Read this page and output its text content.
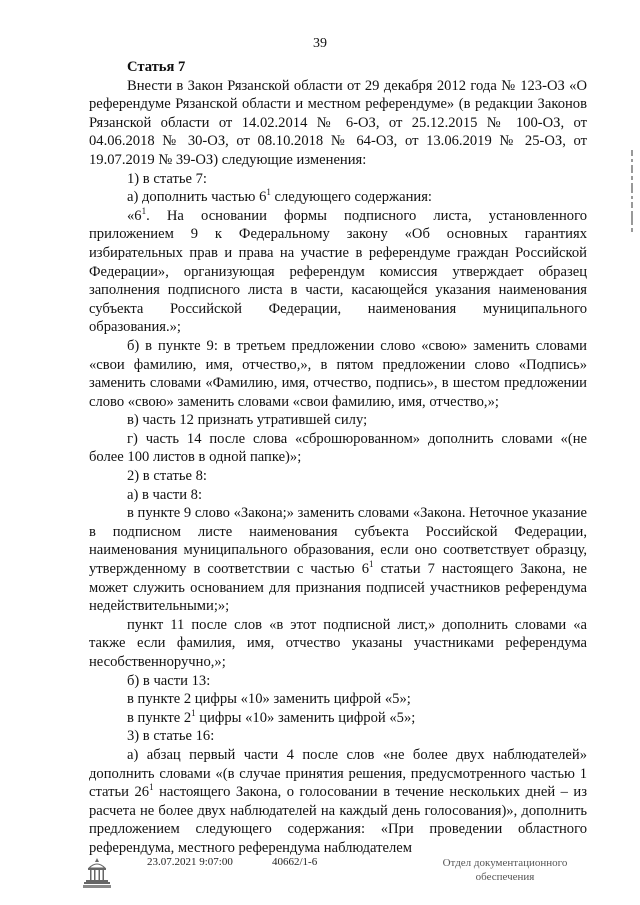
39

Статья 7

Внести в Закон Рязанской области от 29 декабря 2012 года № 123-ОЗ «О референдуме Рязанской области и местном референдуме» (в редакции Законов Рязанской области от 14.02.2014 № 6-ОЗ, от 25.12.2015 № 100-ОЗ, от 04.06.2018 № 30-ОЗ, от 08.10.2018 № 64-ОЗ, от 13.06.2019 № 25-ОЗ, от 19.07.2019 № 39-ОЗ) следующие изменения:

1) в статье 7:

а) дополнить частью $6^1$ следующего содержания:

«$6^1$. На основании формы подписного листа, установленного приложением 9 к Федеральному закону «Об основных гарантиях избирательных прав и права на участие в референдуме граждан Российской Федерации», организующая референдум комиссия утверждает образец заполнения подписного листа в части, касающейся указания наименования субъекта Российской Федерации, наименования муниципального образования.»;

б) в пункте 9: в третьем предложении слово «свою» заменить словами «свои фамилию, имя, отчество,», в пятом предложении слово «Подпись» заменить словами «Фамилию, имя, отчество, подпись», в шестом предложении слово «свою» заменить словами «свои фамилию, имя, отчество,»;

в) часть 12 признать утратившей силу;

г) часть 14 после слова «сброшюрованном» дополнить словами «(не более 100 листов в одной папке)»;

2) в статье 8:

а) в части 8:

в пункте 9 слово «Закона;» заменить словами «Закона. Неточное указание в подписном листе наименования субъекта Российской Федерации, наименования муниципального образования, если оно соответствует образцу, утвержденному в соответствии с частью $6^1$ статьи 7 настоящего Закона, не может служить основанием для признания подписей участников референдума недействительными;»;

пункт 11 после слов «в этот подписной лист,» дополнить словами «а также если фамилия, имя, отчество указаны участниками референдума несобственноручно,»;

б) в части 13:

в пункте 2 цифры «10» заменить цифрой «5»;

в пункте $2^1$ цифры «10» заменить цифрой «5»;

3) в статье 16:

а) абзац первый части 4 после слов «не более двух наблюдателей» дополнить словами «(в случае принятия решения, предусмотренного частью 1 статьи $26^1$ настоящего Закона, о голосовании в течение нескольких дней – из расчета не более двух наблюдателей на каждый день голосования)», дополнить предложением следующего содержания: «При проведении областного референдума, местного референдума наблюдателем

23.07.2021 9:07:00	40662/1-6	Отдел документационного
обеспечения
